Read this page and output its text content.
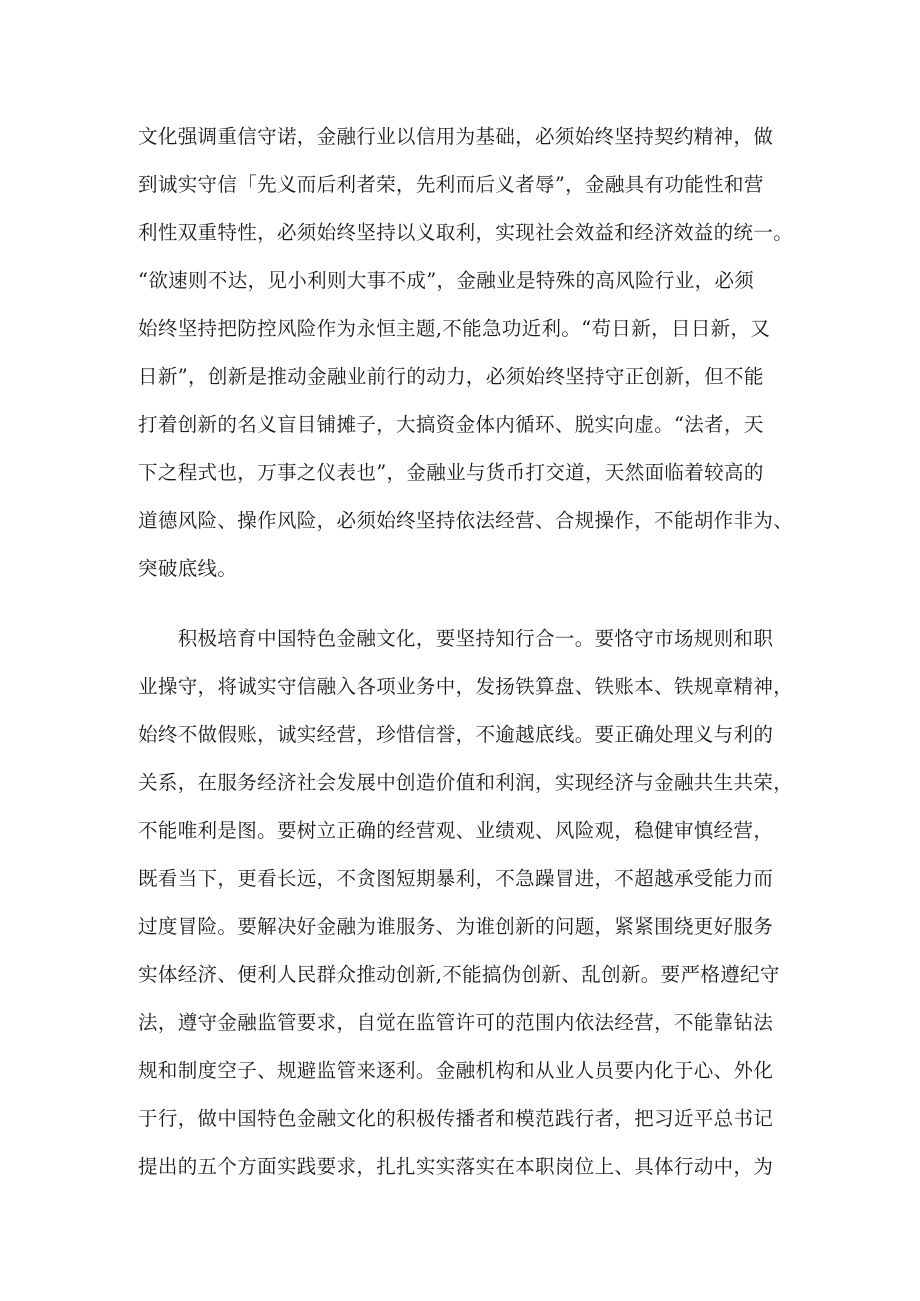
文化强调重信守诺，金融行业以信用为基础，必须始终坚持契约精神，做
到诚实守信「先义而后利者荣，先利而后义者辱”，金融具有功能性和营
利性双重特性，必须始终坚持以义取利，实现社会效益和经济效益的统一。
“欲速则不达，见小利则大事不成”，金融业是特殊的高风险行业，必须
始终坚持把防控风险作为永恒主题,不能急功近利。“苟日新，日日新，又
日新”，创新是推动金融业前行的动力，必须始终坚持守正创新，但不能
打着创新的名义盲目铺摊子，大搞资金体内循环、脱实向虚。“法者，天
下之程式也，万事之仪表也”，金融业与货币打交道，天然面临着较高的
道德风险、操作风险，必须始终坚持依法经营、合规操作，不能胡作非为、
突破底线。
　　积极培育中国特色金融文化，要坚持知行合一。要恪守市场规则和职
业操守，将诚实守信融入各项业务中，发扬铁算盘、铁账本、铁规章精神，
始终不做假账，诚实经营，珍惜信誉，不逾越底线。要正确处理义与利的
关系，在服务经济社会发展中创造价值和利润，实现经济与金融共生共荣，
不能唯利是图。要树立正确的经营观、业绩观、风险观，稳健审慎经营，
既看当下，更看长远，不贪图短期暴利，不急躁冒进，不超越承受能力而
过度冒险。要解决好金融为谁服务、为谁创新的问题，紧紧围绕更好服务
实体经济、便利人民群众推动创新,不能搞伪创新、乱创新。要严格遵纪守
法，遵守金融监管要求，自觉在监管许可的范围内依法经营，不能靠钻法
规和制度空子、规避监管来逐利。金融机构和从业人员要内化于心、外化
于行，做中国特色金融文化的积极传播者和模范践行者，把习近平总书记
提出的五个方面实践要求，扎扎实实落实在本职岗位上、具体行动中，为
